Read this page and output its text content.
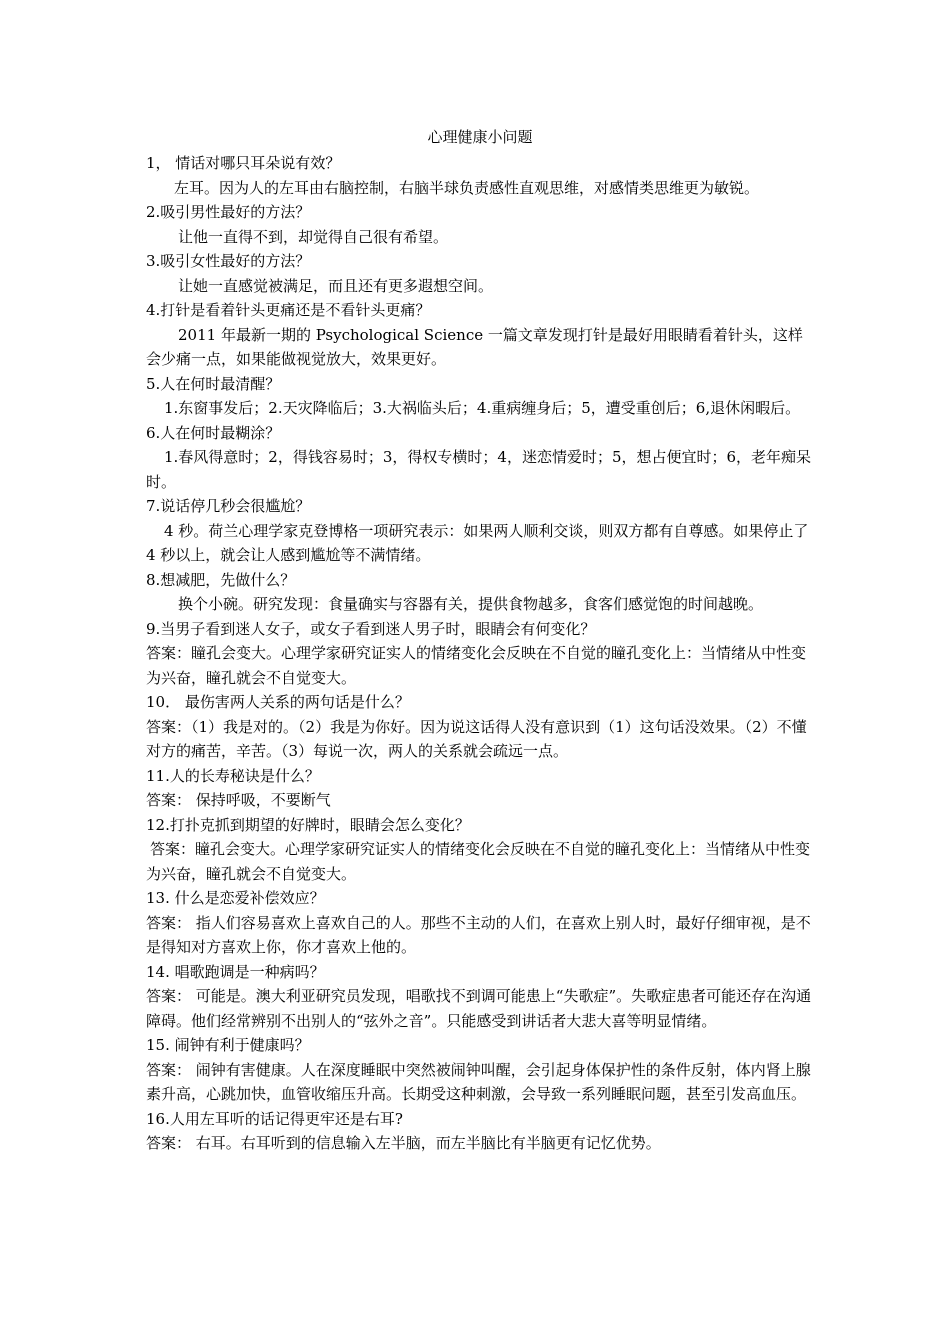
心理健康小问题

1， 情话对哪只耳朵说有效？

左耳。因为人的左耳由右脑控制，右脑半球负责感性直观思维，对感情类思维更为敏锐。

2.吸引男性最好的方法？

让他一直得不到，却觉得自己很有希望。

3.吸引女性最好的方法？

让她一直感觉被满足，而且还有更多遐想空间。

4.打针是看着针头更痛还是不看针头更痛？

2011 年最新一期的 Psychological Science 一篇文章发现打针是最好用眼睛看着针头，这样会少痛一点，如果能做视觉放大，效果更好。

5.人在何时最清醒？

1.东窗事发后；2.天灾降临后；3.大祸临头后；4.重病缠身后；5，遭受重创后；6,退休闲暇后。

6.人在何时最糊涂？

1.春风得意时；2，得钱容易时；3，得权专横时；4，迷恋情爱时；5，想占便宜时；6，老年痴呆时。

7.说话停几秒会很尴尬？

4 秒。荷兰心理学家克登博格一项研究表示：如果两人顺利交谈，则双方都有自尊感。如果停止了 4 秒以上，就会让人感到尴尬等不满情绪。

8.想减肥，先做什么？

换个小碗。研究发现：食量确实与容器有关，提供食物越多，食客们感觉饱的时间越晚。

9.当男子看到迷人女子，或女子看到迷人男子时，眼睛会有何变化？

答案：瞳孔会变大。心理学家研究证实人的情绪变化会反映在不自觉的瞳孔变化上：当情绪从中性变为兴奋，瞳孔就会不自觉变大。

10． 最伤害两人关系的两句话是什么？

答案：（1）我是对的。（2）我是为你好。因为说这话得人没有意识到（1）这句话没效果。（2）不懂对方的痛苦，辛苦。（3）每说一次，两人的关系就会疏远一点。

11.人的长寿秘诀是什么？

答案： 保持呼吸，不要断气

12.打扑克抓到期望的好牌时，眼睛会怎么变化？

答案：瞳孔会变大。心理学家研究证实人的情绪变化会反映在不自觉的瞳孔变化上：当情绪从中性变为兴奋，瞳孔就会不自觉变大。

13. 什么是恋爱补偿效应？

答案： 指人们容易喜欢上喜欢自己的人。那些不主动的人们，在喜欢上别人时，最好仔细审视，是不是得知对方喜欢上你，你才喜欢上他的。

14. 唱歌跑调是一种病吗？

答案： 可能是。澳大利亚研究员发现，唱歌找不到调可能患上“失歌症”。失歌症患者可能还存在沟通障碍。他们经常辨别不出别人的“弦外之音”。只能感受到讲话者大悲大喜等明显情绪。

15. 闹钟有利于健康吗？

答案： 闹钟有害健康。人在深度睡眠中突然被闹钟叫醒，会引起身体保护性的条件反射，体内肾上腺素升高，心跳加快，血管收缩压升高。长期受这种刺激，会导致一系列睡眠问题，甚至引发高血压。

16.人用左耳听的话记得更牢还是右耳?

答案： 右耳。右耳听到的信息输入左半脑，而左半脑比有半脑更有记忆优势。
